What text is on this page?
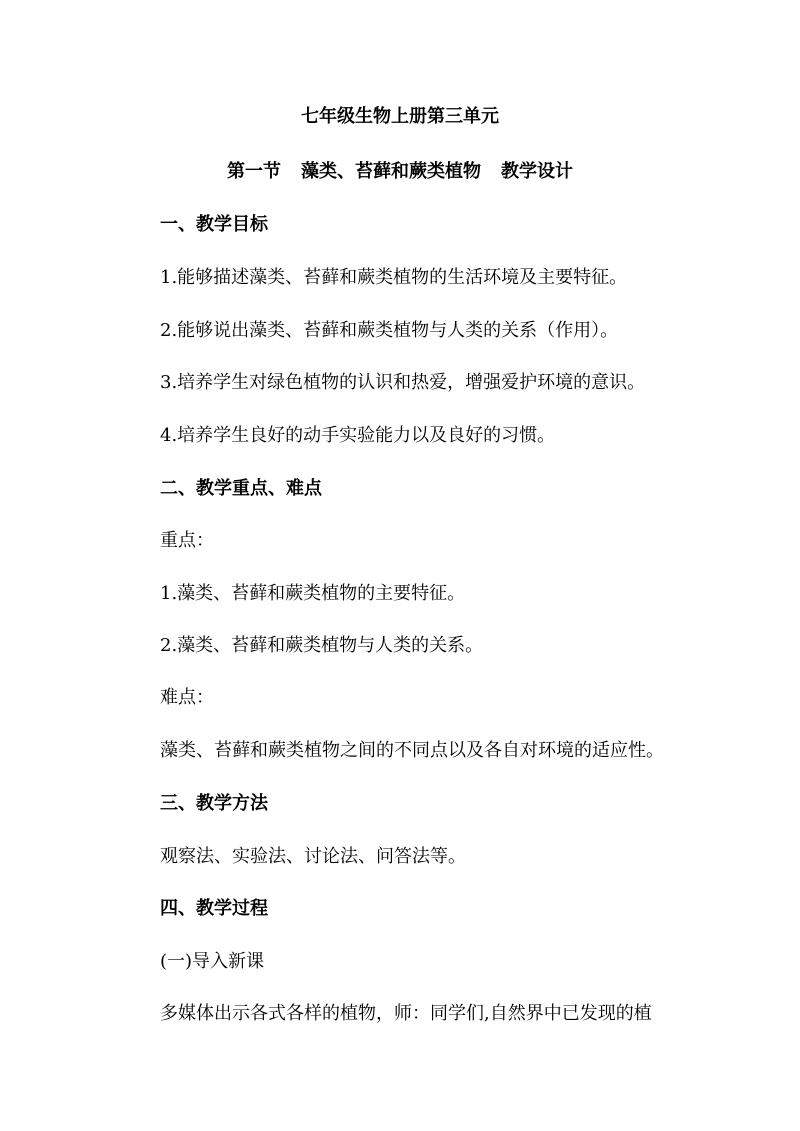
七年级生物上册第三单元
第一节 藻类、苔藓和蕨类植物 教学设计
一、教学目标
1.能够描述藻类、苔藓和蕨类植物的生活环境及主要特征。
2.能够说出藻类、苔藓和蕨类植物与人类的关系（作用）。
3.培养学生对绿色植物的认识和热爱，增强爱护环境的意识。
4.培养学生良好的动手实验能力以及良好的习惯。
二、教学重点、难点
重点：
1.藻类、苔藓和蕨类植物的主要特征。
2.藻类、苔藓和蕨类植物与人类的关系。
难点：
藻类、苔藓和蕨类植物之间的不同点以及各自对环境的适应性。
三、教学方法
观察法、实验法、讨论法、问答法等。
四、教学过程
(一)导入新课
多媒体出示各式各样的植物，师：同学们,自然界中已发现的植
